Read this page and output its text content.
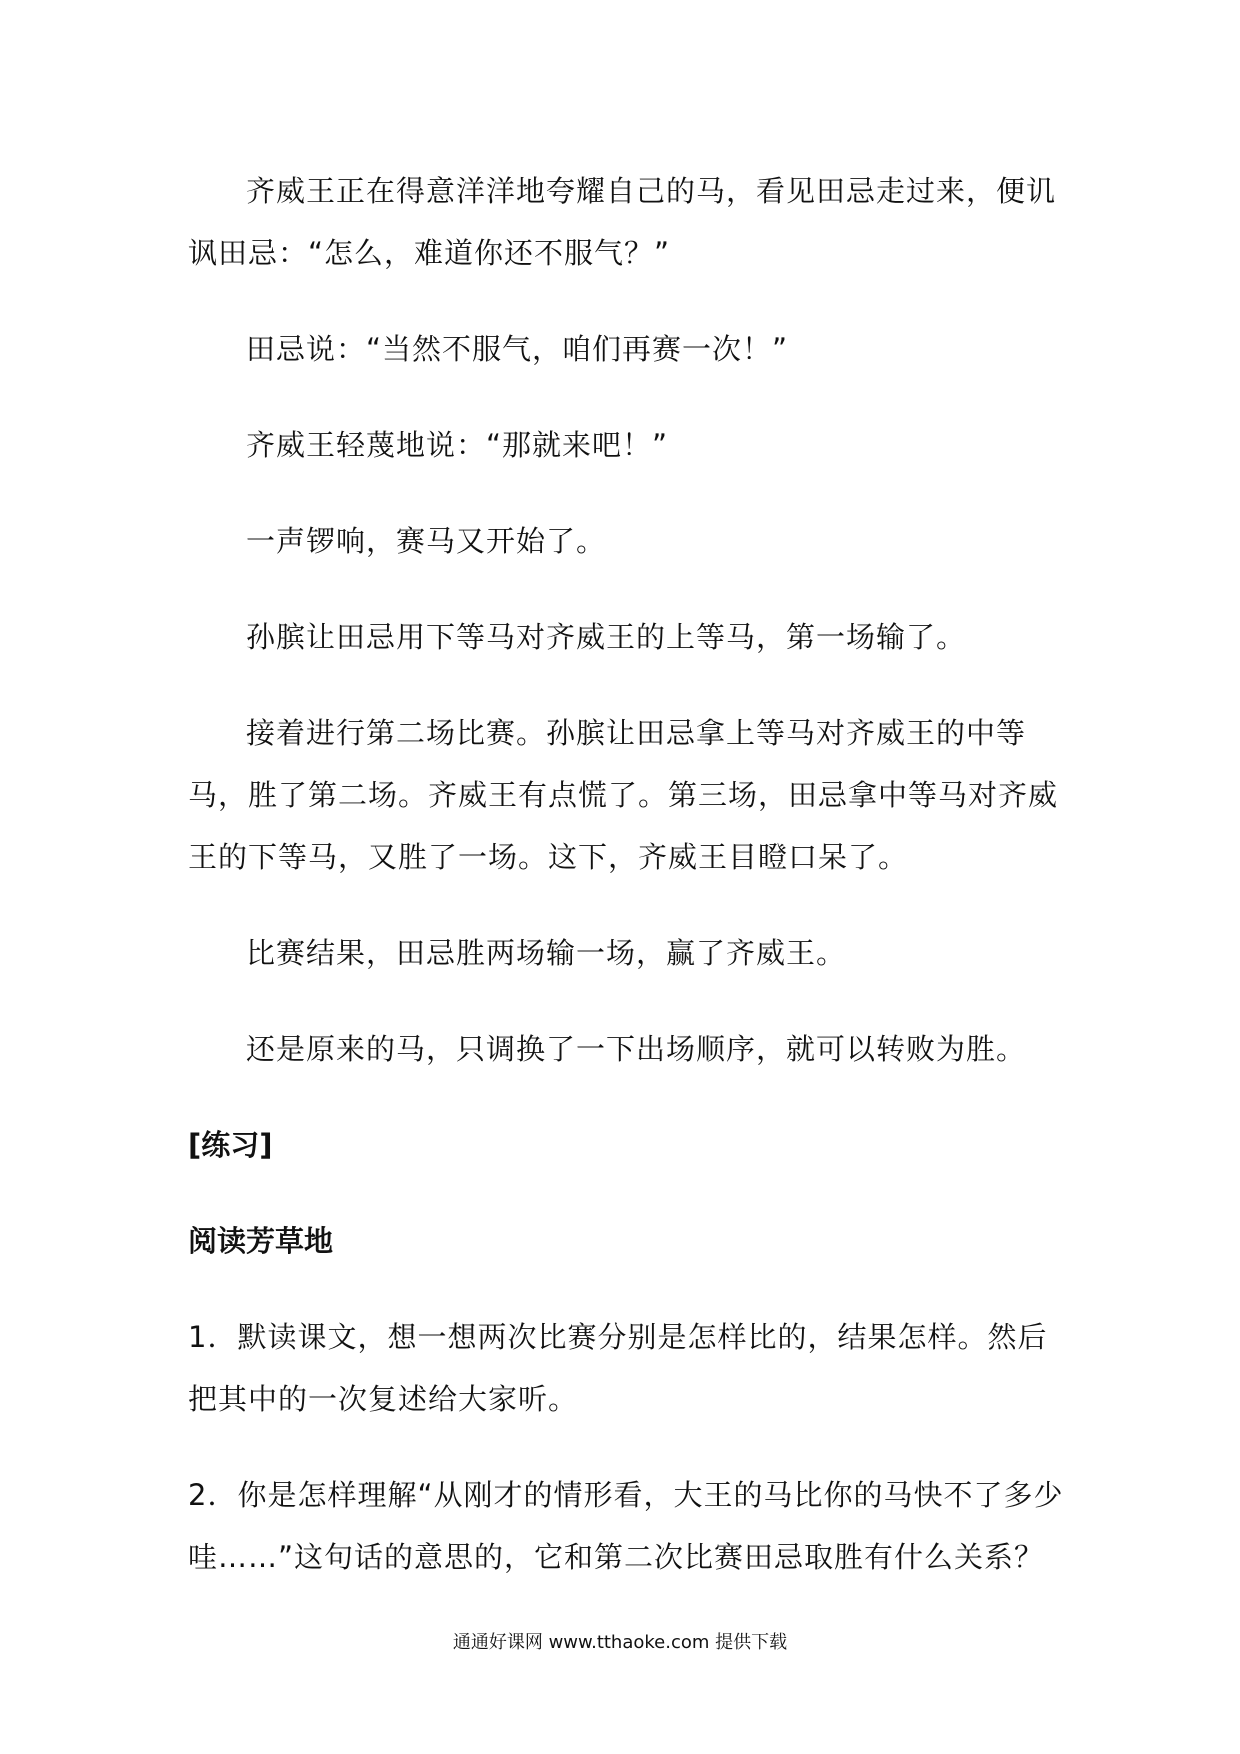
齐威王正在得意洋洋地夸耀自己的马，看见田忌走过来，便讥讽田忌：“怎么，难道你还不服气？”

田忌说：“当然不服气，咱们再赛一次！”

齐威王轻蔑地说：“那就来吧！”

一声锣响，赛马又开始了。

孙膑让田忌用下等马对齐威王的上等马，第一场输了。

接着进行第二场比赛。孙膑让田忌拿上等马对齐威王的中等马，胜了第二场。齐威王有点慌了。第三场，田忌拿中等马对齐威王的下等马，又胜了一场。这下，齐威王目瞪口呆了。

比赛结果，田忌胜两场输一场，赢了齐威王。

还是原来的马，只调换了一下出场顺序，就可以转败为胜。

[练习]
阅读芳草地

1．默读课文，想一想两次比赛分别是怎样比的，结果怎样。然后把其中的一次复述给大家听。

2．你是怎样理解“从刚才的情形看，大王的马比你的马快不了多少哇……”这句话的意思的，它和第二次比赛田忌取胜有什么关系？

通通好课网 www.tthaoke.com 提供下载
